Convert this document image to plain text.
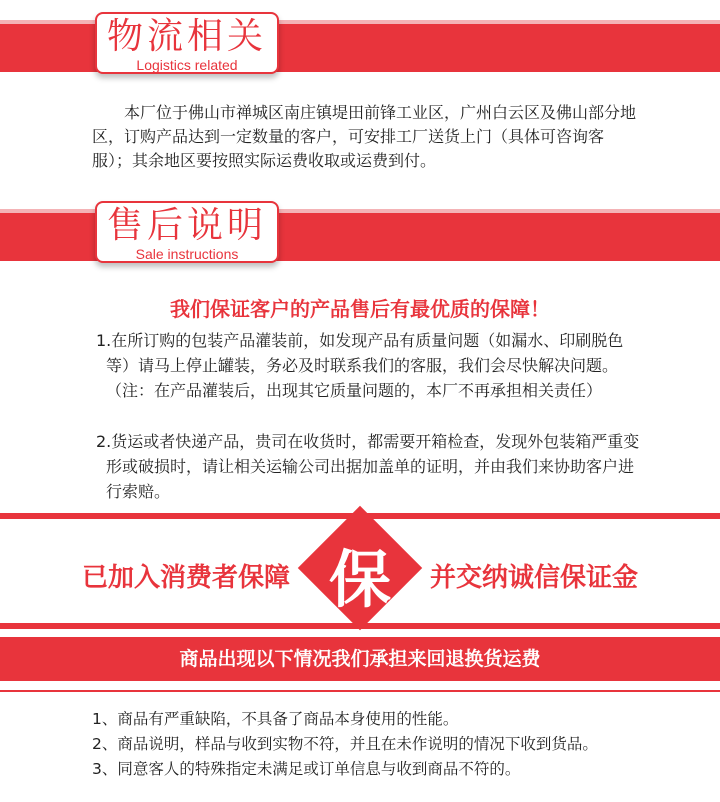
物流相关
Logistics related
本厂位于佛山市禅城区南庄镇堤田前锋工业区，广州白云区及佛山部分地区，订购产品达到一定数量的客户，可安排工厂送货上门（具体可咨询客服）；其余地区要按照实际运费收取或运费到付。
售后说明
Sale instructions
我们保证客户的产品售后有最优质的保障！
1.在所订购的包装产品灌装前，如发现产品有质量问题（如漏水、印刷脱色等）请马上停止罐装，务必及时联系我们的客服，我们会尽快解决问题。（注：在产品灌装后，出现其它质量问题的，本厂不再承担相关责任）
2.货运或者快递产品，贵司在收货时，都需要开箱检查，发现外包装箱严重变形或破损时，请让相关运输公司出据加盖单的证明，并由我们来协助客户进行索赔。
已加入消费者保障 保	并交纳诚信保证金
商品出现以下情况我们承担来回退换货运费
1、商品有严重缺陷，不具备了商品本身使用的性能。
2、商品说明，样品与收到实物不符，并且在未作说明的情况下收到货品。
3、同意客人的特殊指定未满足或订单信息与收到商品不符的。
